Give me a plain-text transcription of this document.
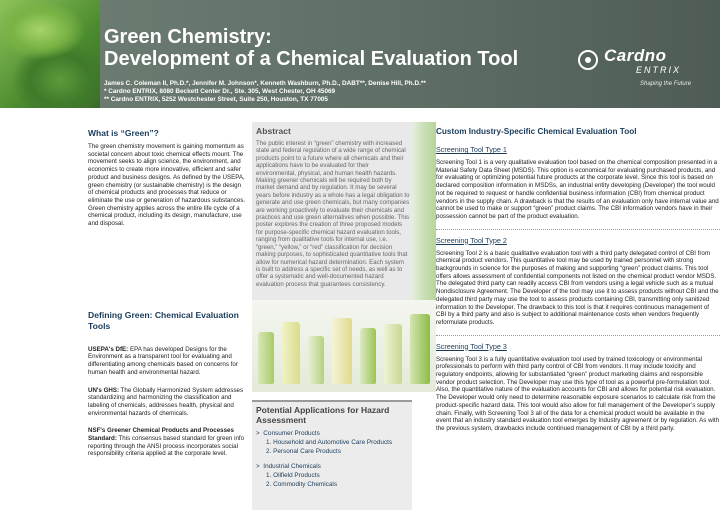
Green Chemistry:
Development of a Chemical Evaluation Tool
James C. Coleman II, Ph.D.*, Jennifer M. Johnson*, Kenneth Washburn, Ph.D., DABT**, Denise Hill, Ph.D.**
* Cardno ENTRIX, 8080 Beckett Center Dr., Ste. 305, West Chester, OH 45069
** Cardno ENTRIX, 5252 Westchester Street, Suite 250, Houston, TX 77005
Cardno
ENTRIX
Shaping the Future
What is “Green”?
The green chemistry movement is gaining momentum as societal concern about toxic chemical effects mount. The movement seeks to align science, the environment, and economics to create more innovative, efficient and safer product and business designs. As defined by the USEPA, green chemistry (or sustainable chemistry) is the design of chemical products and processes that reduce or eliminate the use or generation of hazardous substances. Green chemistry applies across the entire life cycle of a chemical product, including its design, manufacture, use and disposal.
Defining Green: Chemical Evaluation Tools
USEPA's DfE: EPA has developed Designs for the Environment as a transparent tool for evaluating and differentiating among chemicals based on concerns for human health and environmental hazard.
UN's GHS: The Globally Harmonized System addresses standardizing and harmonizing the classification and labeling of chemicals, addresses health, physical and environmental hazards of chemicals.
NSF's Greener Chemical Products and Processes Standard: This consensus based standard for green info reporting through the ANSI process incorporates social responsibility criteria applied at the corporate level.
Abstract
The public interest in “green” chemistry with increased state and federal regulation of a wide range of chemical products point to a future where all chemicals and their applications have to be evaluated for their environmental, physical, and human health hazards. Making greener chemicals will be required both by market demand and by regulation. It may be several years before industry as a whole has a legal obligation to generate and use green chemicals, but many companies are working proactively to evaluate their chemicals and practices and use green alternatives when possible. This poster explores the creation of three proposed models for purpose-specific chemical hazard evaluation tools, ranging from qualitative tools for internal use, i.e. “green,” “yellow,” or “red” classification for decision making purposes, to sophisticated quantitative tools that allow for numerical hazard determination. Each system is built to address a specific set of needs, as well as to offer a systematic and well-documented hazard evaluation process that guarantees consistency.
Potential Applications for Hazard Assessment
> Consumer Products
1. Household and Automotive Care Products
2. Personal Care Products
> Industrial Chemicals
1. Oilfield Products
2. Commodity Chemicals
Custom Industry-Specific Chemical Evaluation Tool
Screening Tool Type 1
Screening Tool 1 is a very qualitative evaluation tool based on the chemical composition presented in a Material Safety Data Sheet (MSDS). This option is economical for evaluating purchased products, and for evaluating or optimizing potential future products at the corporate level. Since this tool is based on declared composition information in MSDSs, an industrial entity developing (Developer) the tool would not be required to request or handle confidential business information (CBI) from chemical product vendors in the supply chain. A drawback is that the results of an evaluation only have internal value and cannot be used to make or support “green” product claims. The CBI information vendors have in their possession cannot be part of the product evaluation.
Screening Tool Type 2
Screening Tool 2 is a basic qualitative evaluation tool with a third party delegated control of CBI from chemical product vendors. This quantitative tool may be used by trained personnel with strong backgrounds in science for the purposes of making and supporting “green” product claims. This tool offers allows assessment of confidential components not listed on the chemical product vendor MSDS. The delegated third party can readily access CBI from vendors using a legal vehicle such as a mutual Nondisclosure Agreement. The Developer of the tool may use it to assess products without CBI and the delegated third party may use the tool to assess products containing CBI, transmitting only sanitized information to the Developer. The drawback to this tool is that it requires continuous management of CBI by a third party and also is subject to additional maintenance costs when vendors frequently reformulate products.
Screening Tool Type 3
Screening Tool 3 is a fully quantitative evaluation tool used by trained toxicology or environmental professionals to perform with third party control of CBI from vendors. It may include toxicity and regulatory endpoints, allowing for substantiated “green” product marketing claims and responsible vendor product selection. The Developer may use this type of tool as a powerful pre-formulation tool. Also, the quantitative nature of the evaluation accounts for CBI and allows for potential risk evaluation. The Developer would only need to determine reasonable exposure scenarios to calculate risk from the product-specific hazard data. This tool would also allow for full management of the Developer’s supply chain. Finally, with Screening Tool 3 all of the data for a chemical product would be available in the event that an industry standard evaluation tool emerges by Industry agreement or by regulation. As with the previous system, drawbacks include continued management of CBI by a third party.
